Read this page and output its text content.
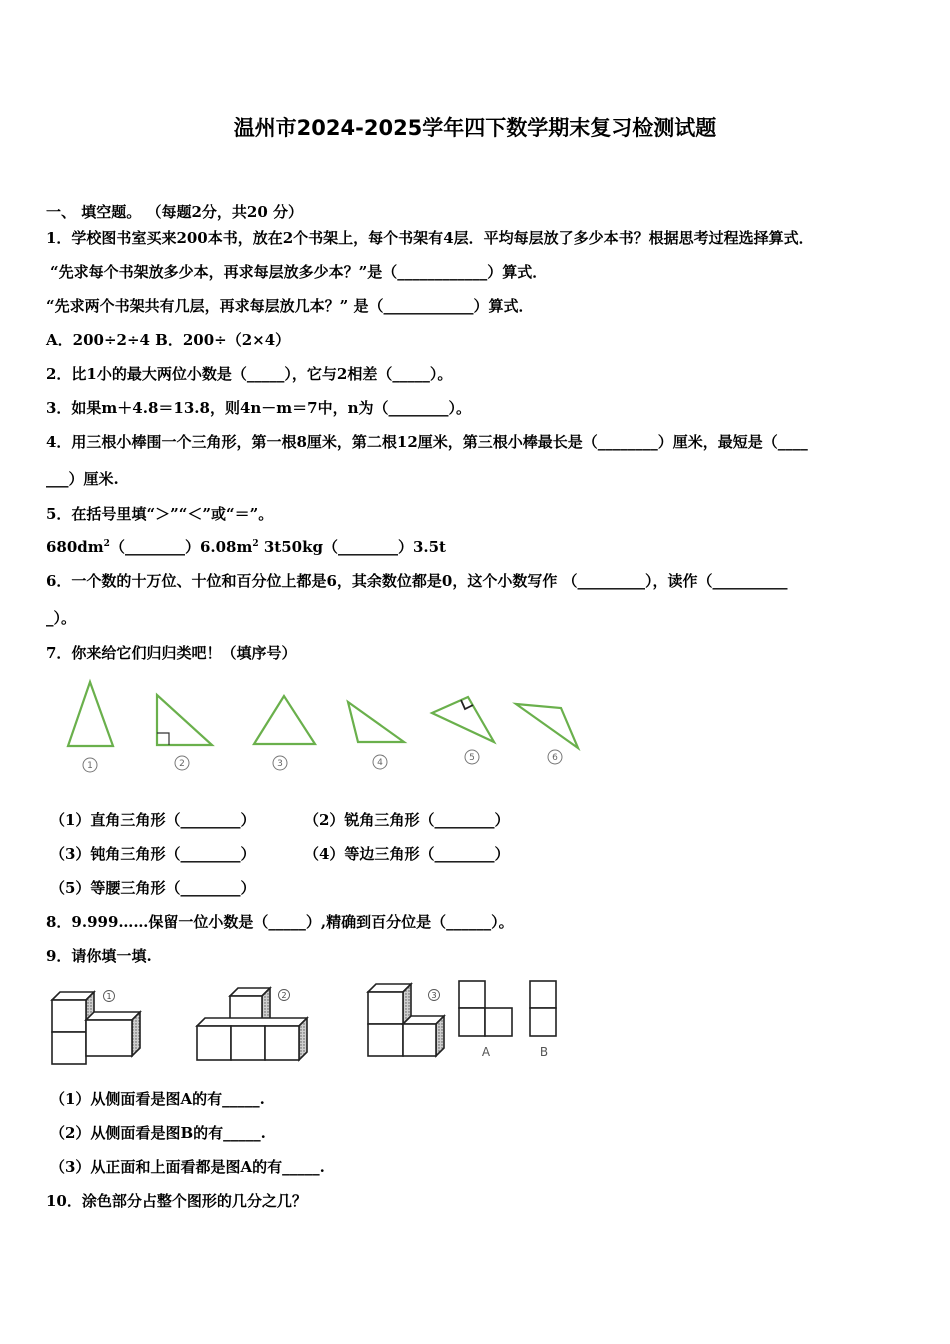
温州市2024-2025学年四下数学期末复习检测试题
一、 填空题。 （每题2分，共20 分）
1．学校图书室买来200本书，放在2个书架上，每个书架有4层．平均每层放了多少本书？根据思考过程选择算式．
“先求每个书架放多少本，再求每层放多少本？”是（____________）算式．
“先求两个书架共有几层，再求每层放几本？” 是（____________）算式．
A．200÷2÷4 B．200÷（2×4）
2．比1小的最大两位小数是（_____），它与2相差（_____）。
3．如果m＋4.8＝13.8，则4n－m＝7中，n为（________）。
4．用三根小棒围一个三角形，第一根8厘米，第二根12厘米，第三根小棒最长是（________）厘米，最短是（____
___）厘米.
5．在括号里填“＞”“＜”或“＝”。
$680dm^2(\_\_\_\_\_\_\_\_)6.08m^2$ 3t50kg（________）3.5t
6．一个数的十万位、十位和百分位上都是6，其余数位都是0，这个小数写作 （_________），读作（__________
_）。
7．你来给它们归归类吧！（填序号）
1	2	3	4	5	6
（1）直角三角形（________）	（2）锐角三角形（________）
（3）钝角三角形（________）	（4）等边三角形（________）
（5）等腰三角形（________）
8．9.999……保留一位小数是（_____）,精确到百分位是（______）。
9．请你填一填.
1	2	3
A	B
（1）从侧面看是图A的有_____.
（2）从侧面看是图B的有_____.
（3）从正面和上面看都是图A的有_____.
10．涂色部分占整个图形的几分之几？
